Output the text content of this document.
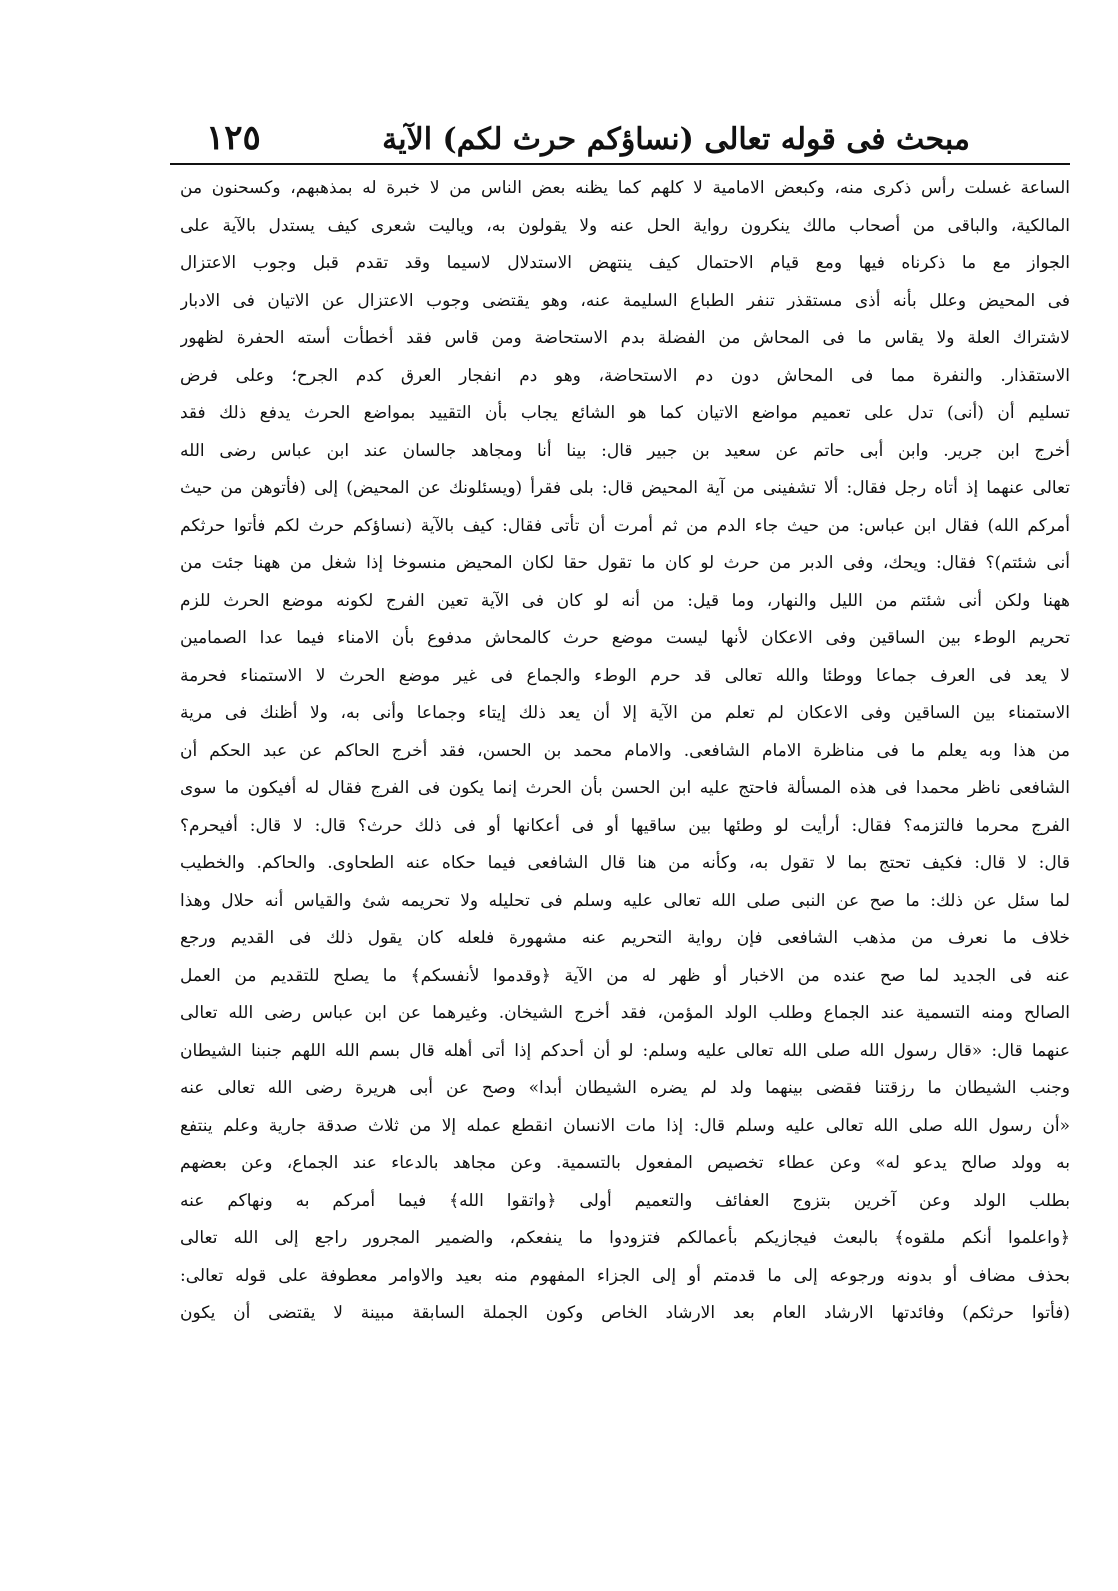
مبحث فى قوله تعالى (نساؤكم حرث لكم) الآية
١٢٥
الساعة غسلت رأس ذكرى منه، وكبعض الامامية لا كلهم كما يظنه بعض الناس من لا خبرة له بمذهبهم، وكسحنون من
المالكية، والباقى من أصحاب مالك ينكرون رواية الحل عنه ولا يقولون به، وياليت شعرى كيف يستدل بالآية على
الجواز مع ما ذكرناه فيها ومع قيام الاحتمال كيف ينتهض الاستدلال لاسيما وقد تقدم قبل وجوب الاعتزال
فى المحيض وعلل بأنه أذى مستقذر تنفر الطباع السليمة عنه، وهو يقتضى وجوب الاعتزال عن الاتيان فى الادبار
لاشتراك العلة ولا يقاس ما فى المحاش من الفضلة بدم الاستحاضة ومن قاس فقد أخطأت أسته الحفرة لظهور
الاستقذار. والنفرة مما فى المحاش دون دم الاستحاضة، وهو دم انفجار العرق كدم الجرح؛ وعلى فرض
تسليم أن (أنى) تدل على تعميم مواضع الاتيان كما هو الشائع يجاب بأن التقييد بمواضع الحرث يدفع ذلك فقد
أخرج ابن جرير. وابن أبى حاتم عن سعيد بن جبير قال: بينا أنا ومجاهد جالسان عند ابن عباس رضى الله
تعالى عنهما إذ أتاه رجل فقال: ألا تشفينى من آية المحيض قال: بلى فقرأ (ويسئلونك عن المحيض) إلى (فأتوهن من حيث
أمركم الله) فقال ابن عباس: من حيث جاء الدم من ثم أمرت أن تأتى فقال: كيف بالآية (نساؤكم حرث لكم فأتوا حرثكم
أنى شئتم)؟ فقال: ويحك، وفى الدبر من حرث لو كان ما تقول حقا لكان المحيض منسوخا إذا شغل من ههنا جئت من
ههنا ولكن أنى شئتم من الليل والنهار، وما قيل: من أنه لو كان فى الآية تعين الفرج لكونه موضع الحرث للزم
تحريم الوطء بين الساقين وفى الاعكان لأنها ليست موضع حرث كالمحاش مدفوع بأن الامناء فيما عدا الصمامين
لا يعد فى العرف جماعا ووطئا والله تعالى قد حرم الوطء والجماع فى غير موضع الحرث لا الاستمناء فحرمة
الاستمناء بين الساقين وفى الاعكان لم تعلم من الآية إلا أن يعد ذلك إيتاء وجماعا وأنى به، ولا أظنك فى مرية
من هذا وبه يعلم ما فى مناظرة الامام الشافعى. والامام محمد بن الحسن، فقد أخرج الحاكم عن عبد الحكم أن
الشافعى ناظر محمدا فى هذه المسألة فاحتج عليه ابن الحسن بأن الحرث إنما يكون فى الفرج فقال له أفيكون ما سوى
الفرج محرما فالتزمه؟ فقال: أرأيت لو وطئها بين ساقيها أو فى أعكانها أو فى ذلك حرث؟ قال: لا قال: أفيحرم؟
قال: لا قال: فكيف تحتج بما لا تقول به، وكأنه من هنا قال الشافعى فيما حكاه عنه الطحاوى. والحاكم. والخطيب
لما سئل عن ذلك: ما صح عن النبى صلى الله تعالى عليه وسلم فى تحليله ولا تحريمه شئ والقياس أنه حلال وهذا
خلاف ما نعرف من مذهب الشافعى فإن رواية التحريم عنه مشهورة فلعله كان يقول ذلك فى القديم ورجع
عنه فى الجديد لما صح عنده من الاخبار أو ظهر له من الآية ﴿وقدموا لأنفسكم﴾ ما يصلح للتقديم من العمل
الصالح ومنه التسمية عند الجماع وطلب الولد المؤمن، فقد أخرج الشيخان. وغيرهما عن ابن عباس رضى الله تعالى
عنهما قال: «قال رسول الله صلى الله تعالى عليه وسلم: لو أن أحدكم إذا أتى أهله قال بسم الله اللهم جنبنا الشيطان
وجنب الشيطان ما رزقتنا فقضى بينهما ولد لم يضره الشيطان أبدا» وصح عن أبى هريرة رضى الله تعالى عنه
«أن رسول الله صلى الله تعالى عليه وسلم قال: إذا مات الانسان انقطع عمله إلا من ثلاث صدقة جارية وعلم ينتفع
به وولد صالح يدعو له» وعن عطاء تخصيص المفعول بالتسمية. وعن مجاهد بالدعاء عند الجماع، وعن بعضهم
بطلب الولد وعن آخرين بتزوج العفائف والتعميم أولى ﴿واتقوا الله﴾ فيما أمركم به ونهاكم عنه
﴿واعلموا أنكم ملقوه﴾ بالبعث فيجازيكم بأعمالكم فتزودوا ما ينفعكم، والضمير المجرور راجع إلى الله تعالى
بحذف مضاف أو بدونه ورجوعه إلى ما قدمتم أو إلى الجزاء المفهوم منه بعيد والاوامر معطوفة على قوله تعالى:
(فأتوا حرثكم) وفائدتها الارشاد العام بعد الارشاد الخاص وكون الجملة السابقة مبينة لا يقتضى أن يكون
